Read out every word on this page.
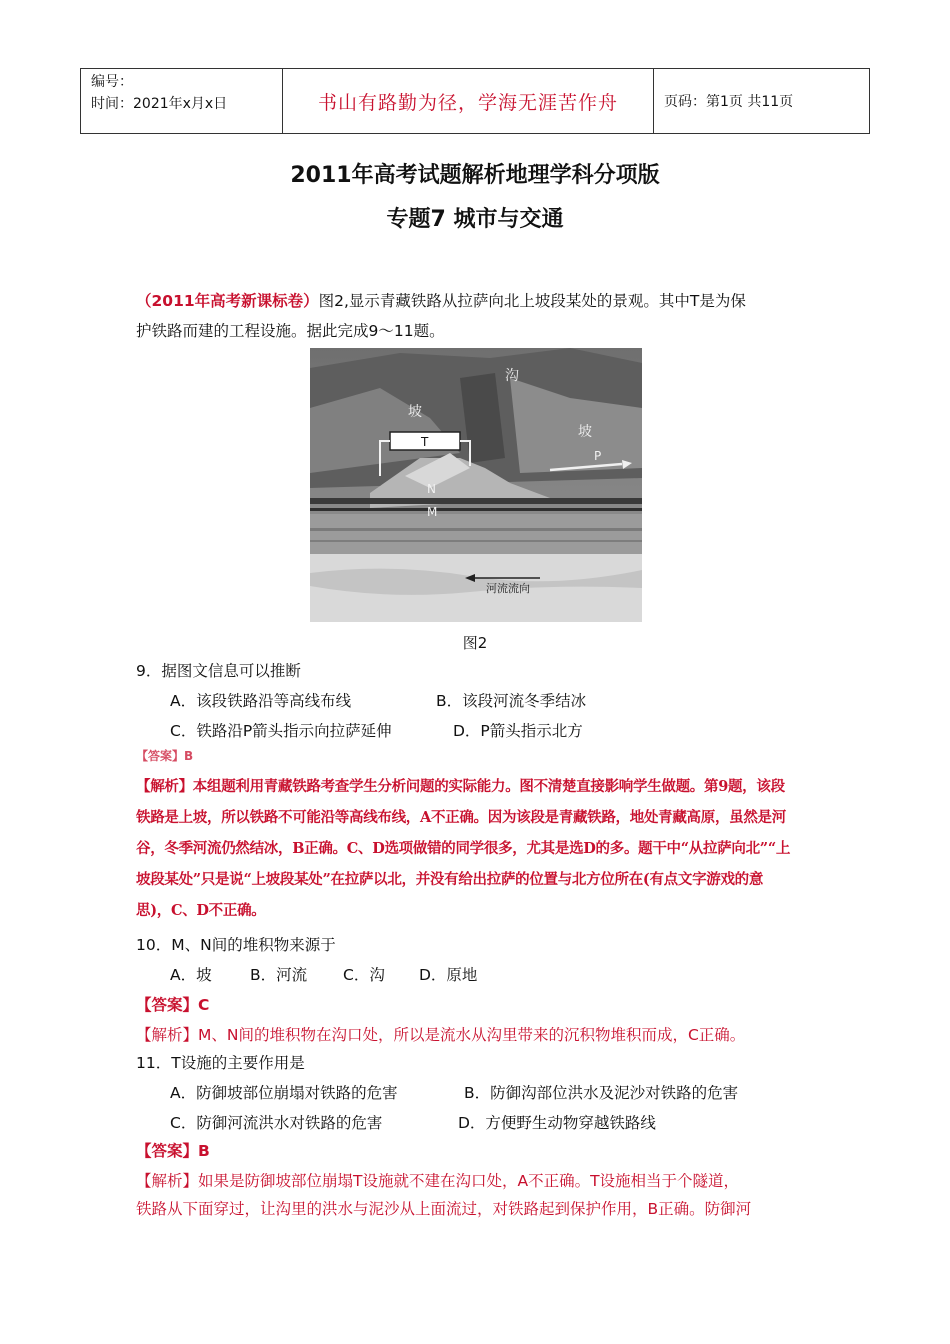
编号：
时间：2021年x月x日	书山有路勤为径，学海无涯苦作舟	页码：第1页 共11页
2011年高考试题解析地理学科分项版
专题7 城市与交通
（2011年高考新课标卷）图2,显示青藏铁路从拉萨向北上坡段某处的景观。其中T是为保
护铁路而建的工程设施。据此完成9～11题。
沟
坡
坡
T
P
N
M
河流流向
图2
9．据图文信息可以推断
A．该段铁路沿等高线布线	B．该段河流冬季结冰
C．铁路沿P箭头指示向拉萨延伸	D．P箭头指示北方
【答案】B
【解析】本组题利用青藏铁路考查学生分析问题的实际能力。图不清楚直接影响学生做题。第9题，该段
铁路是上坡，所以铁路不可能沿等高线布线，A不正确。因为该段是青藏铁路，地处青藏高原，虽然是河
谷，冬季河流仍然结冰，B正确。C、D选项做错的同学很多，尤其是选D的多。题干中“从拉萨向北”“上
坡段某处”只是说“上坡段某处”在拉萨以北，并没有给出拉萨的位置与北方位所在(有点文字游戏的意
思)，C、D不正确。
10．M、N间的堆积物来源于
A．坡 B．河流 C．沟 D．原地
【答案】C
【解析】M、N间的堆积物在沟口处，所以是流水从沟里带来的沉积物堆积而成，C正确。
11．T设施的主要作用是
A．防御坡部位崩塌对铁路的危害	B．防御沟部位洪水及泥沙对铁路的危害
C．防御河流洪水对铁路的危害	D．方便野生动物穿越铁路线
【答案】B
【解析】如果是防御坡部位崩塌T设施就不建在沟口处，A不正确。T设施相当于个隧道，
铁路从下面穿过，让沟里的洪水与泥沙从上面流过，对铁路起到保护作用，B正确。防御河
